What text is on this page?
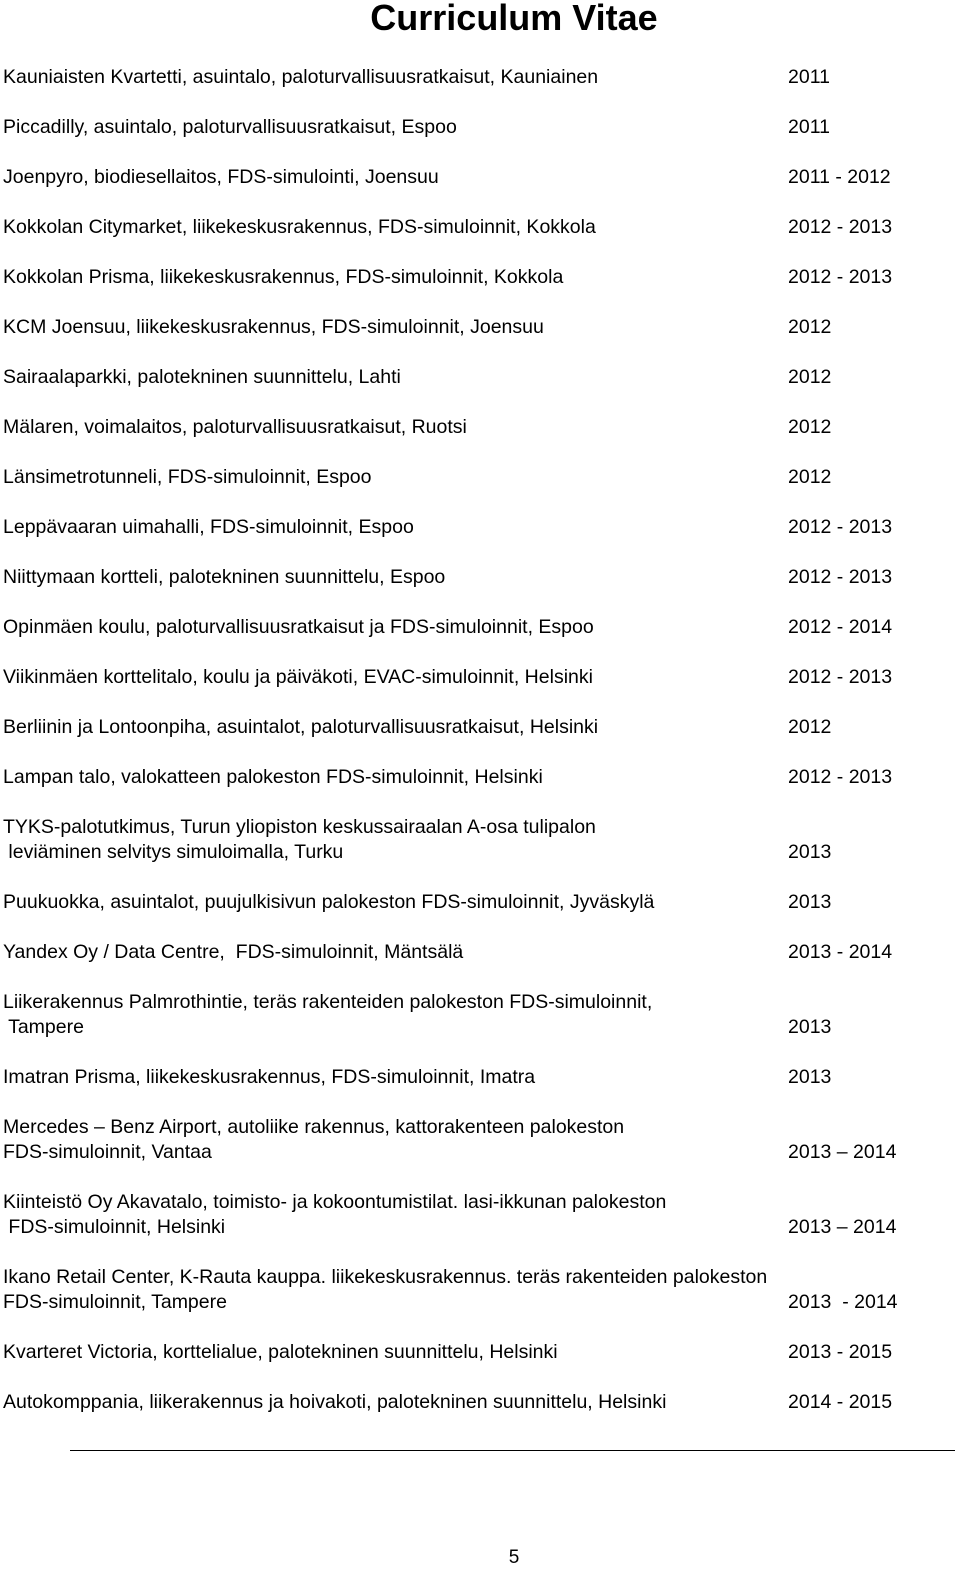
Curriculum Vitae
Kauniaisten Kvartetti, asuintalo, paloturvallisuusratkaisut, Kauniainen	2011
Piccadilly, asuintalo, paloturvallisuusratkaisut, Espoo	2011
Joenpyro, biodiesellaitos, FDS-simulointi, Joensuu	2011 - 2012
Kokkolan Citymarket, liikekeskusrakennus, FDS-simuloinnit, Kokkola	2012 - 2013
Kokkolan Prisma, liikekeskusrakennus, FDS-simuloinnit, Kokkola	2012 - 2013
KCM Joensuu, liikekeskusrakennus, FDS-simuloinnit, Joensuu	2012
Sairaalaparkki, palotekninen suunnittelu, Lahti	2012
Mälaren, voimalaitos, paloturvallisuusratkaisut, Ruotsi	2012
Länsimetrotunneli, FDS-simuloinnit, Espoo	2012
Leppävaaran uimahalli, FDS-simuloinnit, Espoo	2012 - 2013
Niittymaan kortteli, palotekninen suunnittelu, Espoo	2012 - 2013
Opinmäen koulu, paloturvallisuusratkaisut ja FDS-simuloinnit, Espoo	2012 - 2014
Viikinmäen korttelitalo, koulu ja päiväkoti, EVAC-simuloinnit, Helsinki	2012 - 2013
Berliinin ja Lontoonpiha, asuintalot, paloturvallisuusratkaisut, Helsinki	2012
Lampan talo, valokatteen palokeston FDS-simuloinnit, Helsinki	2012 - 2013
TYKS-palotutkimus, Turun yliopiston keskussairaalan A-osa tulipalon
leviäminen selvitys simuloimalla, Turku	2013
Puukuokka, asuintalot, puujulkisivun palokeston FDS-simuloinnit, Jyväskylä	2013
Yandex Oy / Data Centre,  FDS-simuloinnit, Mäntsälä	2013 - 2014
Liikerakennus Palmrothintie, teräs rakenteiden palokeston FDS-simuloinnit,
Tampere	2013
Imatran Prisma, liikekeskusrakennus, FDS-simuloinnit, Imatra	2013
Mercedes – Benz Airport, autoliike rakennus, kattorakenteen palokeston
FDS-simuloinnit, Vantaa	2013 – 2014
Kiinteistö Oy Akavatalo, toimisto- ja kokoontumistilat. lasi-ikkunan palokeston
FDS-simuloinnit, Helsinki	2013 – 2014
Ikano Retail Center, K-Rauta kauppa. liikekeskusrakennus. teräs rakenteiden palokeston
FDS-simuloinnit, Tampere	2013  - 2014
Kvarteret Victoria, korttelialue, palotekninen suunnittelu, Helsinki	2013 - 2015
Autokomppania, liikerakennus ja hoivakoti, palotekninen suunnittelu, Helsinki	2014 - 2015
5
